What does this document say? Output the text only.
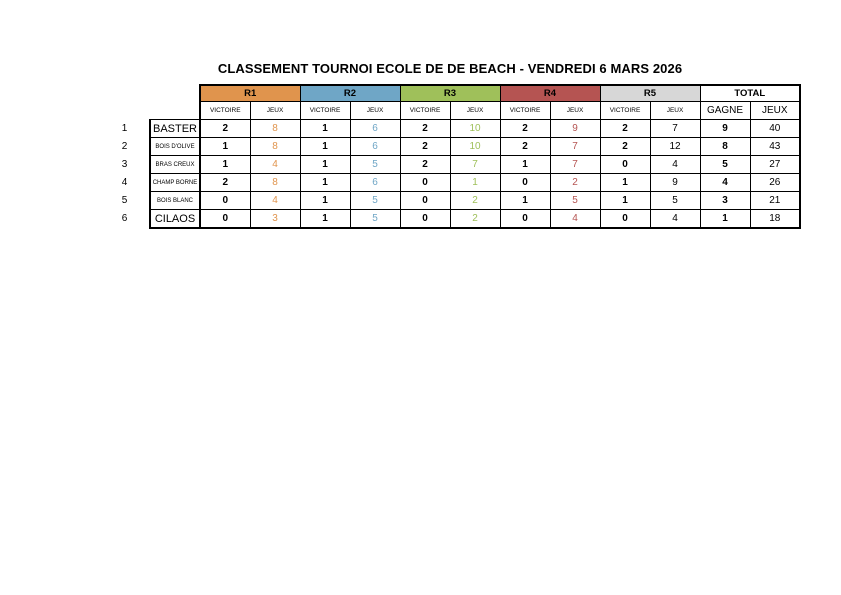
CLASSEMENT TOURNOI ECOLE DE DE BEACH - VENDREDI 6 MARS 2026
		R1		R2		R3		R4		R5		TOTAL	
		VICTOIRE	JEUX	VICTOIRE	JEUX	VICTOIRE	JEUX	VICTOIRE	JEUX	VICTOIRE	JEUX	GAGNE	JEUX
1	BASTER	2	8	1	6	2	10	2	9	2	7	9	40
2	BOIS D'OLIVE	1	8	1	6	2	10	2	7	2	12	8	43
3	BRAS CREUX	1	4	1	5	2	7	1	7	0	4	5	27
4	CHAMP BORNE	2	8	1	6	0	1	0	2	1	9	4	26
5	BOIS BLANC	0	4	1	5	0	2	1	5	1	5	3	21
6	CILAOS	0	3	1	5	0	2	0	4	0	4	1	18
